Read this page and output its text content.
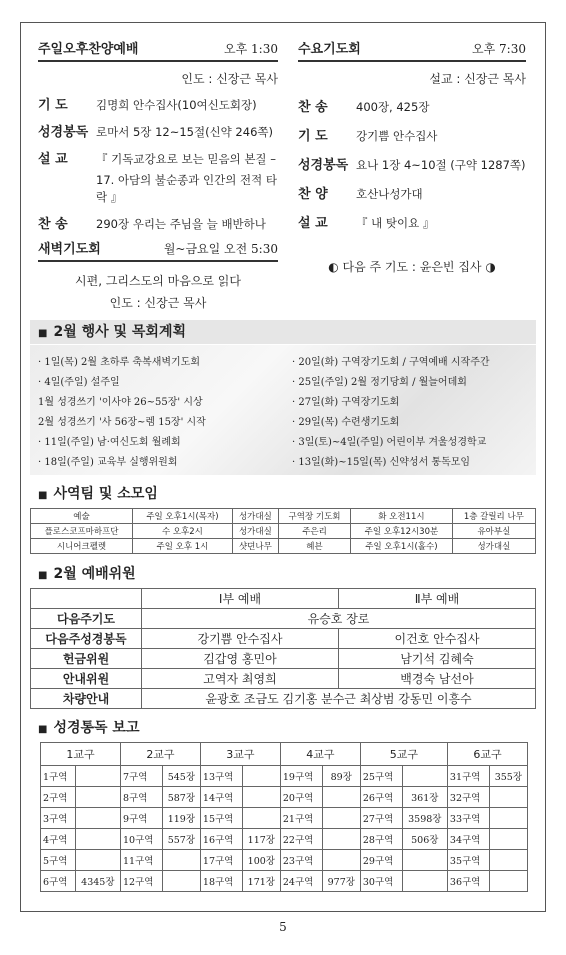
주일오후찬양예배	오후 1:30
인도 : 신장근 목사
기 도	김명희 안수집사(10여신도회장)
성경봉독 로마서 5장 12~15절(신약 246쪽)
설 교	『 기독교강요로 보는 믿음의 본질 –
17. 아담의 불순종과 인간의 전적 타락 』
찬 송	290장 우리는 주님을 늘 배반하나
새벽기도회	월~금요일 오전 5:30
시편, 그리스도의 마음으로 읽다
인도 : 신장근 목사
수요기도회	오후 7:30
설교 : 신장근 목사
찬 송	400장, 425장
기 도	강기쁨 안수집사
성경봉독 요나 1장 4~10절 (구약 1287쪽)
찬 양	호산나성가대
설 교	『 내 탓이요 』
◐ 다음 주 기도 : 윤은빈 집사 ◑
■ 2월 행사 및 목회계획
· 1일(목) 2월 초하루 축복새벽기도회
· 4일(주일) 설주일
1월 성경쓰기 '이사야 26~55장' 시상
2월 성경쓰기 '사 56장~렘 15장' 시작
· 11일(주일) 남·여신도회 월례회
· 18일(주일) 교육부 실행위원회
· 20일(화) 구역장기도회 / 구역예배 시작주간
· 25일(주일) 2월 정기당회 / 월늘어데회
· 27일(화) 구역장기도회
· 29일(목) 수련생기도회
· 3일(토)~4일(주일) 어린이부 겨울성경학교
· 13일(화)~15일(목) 신약성서 통독모임
■ 사역팀 및 소모임
예술	주일 오후1시(목자)	성가대실	구역장 기도회	화 오전11시	1층 갈릴리 나무
플로스코프마하프단	수 오후2시	성가대실	주은리	주일 오후12시30분	유아부실
시니어크펠렛	주일 오후 1시	샷뎐나무	혜븐	주일 오후1시(홀수)	성가대실
■ 2월 예배위원
	Ⅰ부 예배	Ⅱ부 예배
다음주기도	유승호 장로	
다음주성경봉독	강기쁨 안수집사	이건호 안수집사
헌금위원	김갑영 홍민아	남기석 김혜숙
안내위원	고역자 최영희	백경숙 남선아
차량안내	윤광호 조금도 김기홍 분수근 최상범 강동민 이흥수	
■ 성경통독 보고
1교구		2교구		3교구		4교구		5교구		6교구	
1구역		7구역	545장	13구역		19구역	89장	25구역		31구역	355장
2구역		8구역	587장	14구역		20구역		26구역	361장	32구역	
3구역		9구역	119장	15구역		21구역		27구역	3598장	33구역	
4구역		10구역	557장	16구역	117장	22구역		28구역	506장	34구역	
5구역		11구역		17구역	100장	23구역		29구역		35구역	
6구역	4345장	12구역		18구역	171장	24구역	977장	30구역		36구역	
5
